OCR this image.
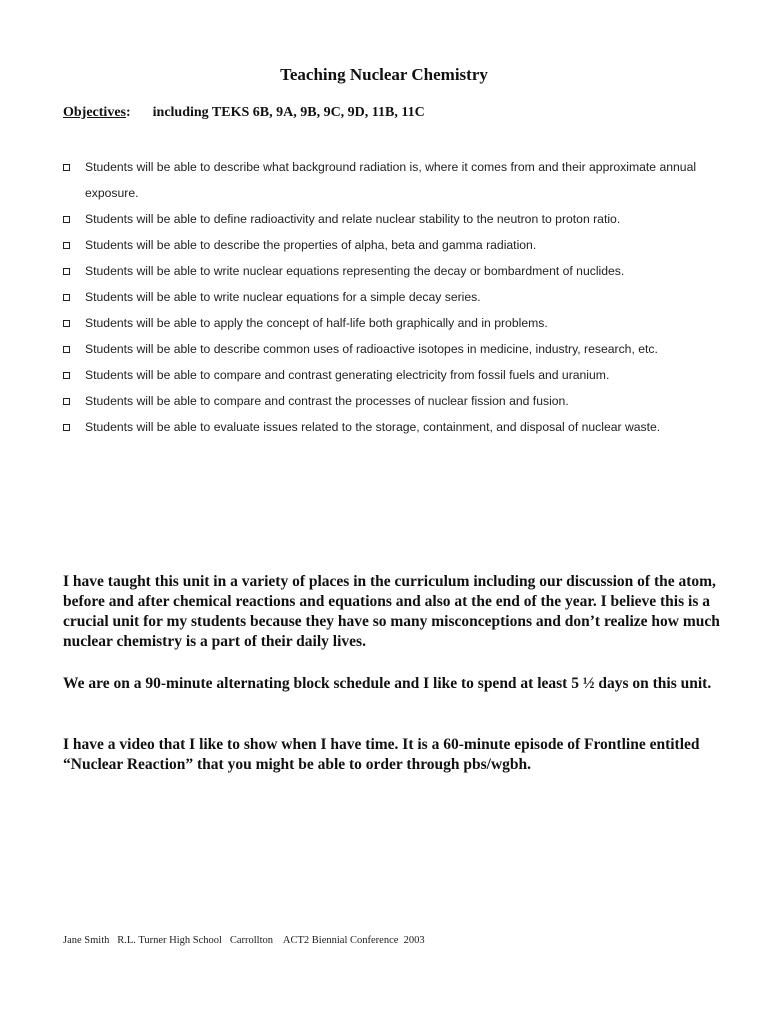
Teaching Nuclear Chemistry
Objectives: including TEKS 6B, 9A, 9B, 9C, 9D, 11B, 11C
Students will be able to describe what background radiation is, where it comes from and their approximate annual exposure.
Students will be able to define radioactivity and relate nuclear stability to the neutron to proton ratio.
Students will be able to describe the properties of alpha, beta and gamma radiation.
Students will be able to write nuclear equations representing the decay or bombardment of nuclides.
Students will be able to write nuclear equations for a simple decay series.
Students will be able to apply the concept of half-life both graphically and in problems.
Students will be able to describe common uses of radioactive isotopes in medicine, industry, research, etc.
Students will be able to compare and contrast generating electricity from fossil fuels and uranium.
Students will be able to compare and contrast the processes of nuclear fission and fusion.
Students will be able to evaluate issues related to the storage, containment, and disposal of nuclear waste.

I have taught this unit in a variety of places in the curriculum including our discussion of the atom, before and after chemical reactions and equations and also at the end of the year. I believe this is a crucial unit for my students because they have so many misconceptions and don’t realize how much nuclear chemistry is a part of their daily lives.

We are on a 90-minute alternating block schedule and I like to spend at least 5 ½ days on this unit.

I have a video that I like to show when I have time. It is a 60-minute episode of Frontline entitled “Nuclear Reaction” that you might be able to order through pbs/wgbh.

Jane Smith   R.L. Turner High School   Carrollton    ACT2 Biennial Conference  2003
